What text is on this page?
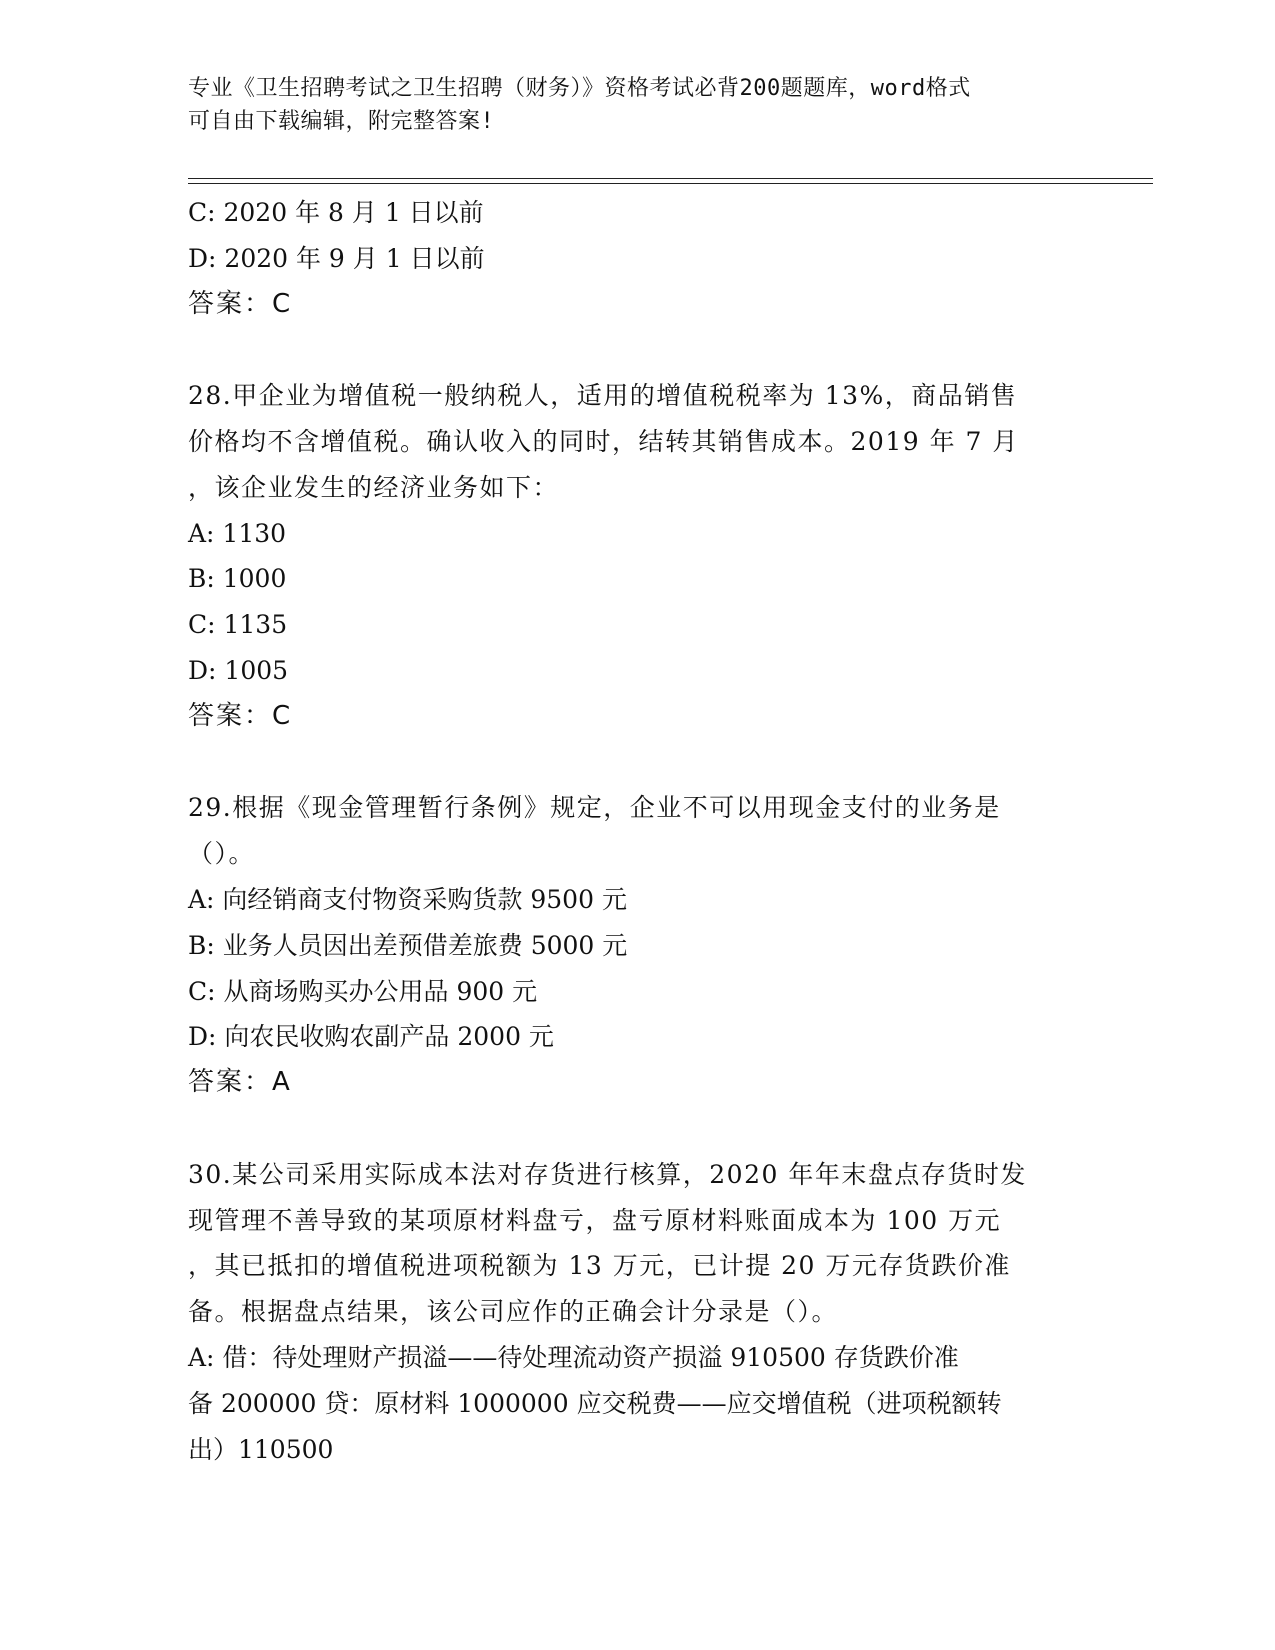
专业《卫生招聘考试之卫生招聘（财务）》资格考试必背200题题库，word格式
可自由下载编辑，附完整答案!
C: 2020 年 8 月 1 日以前
D: 2020 年 9 月 1 日以前
答案：C
28.甲企业为增值税一般纳税人，适用的增值税税率为 13%，商品销售
价格均不含增值税。确认收入的同时，结转其销售成本。2019 年 7 月
，该企业发生的经济业务如下：
A: 1130
B: 1000
C: 1135
D: 1005
答案：C
29.根据《现金管理暂行条例》规定，企业不可以用现金支付的业务是
（）。
A: 向经销商支付物资采购货款 9500 元
B: 业务人员因出差预借差旅费 5000 元
C: 从商场购买办公用品 900 元
D: 向农民收购农副产品 2000 元
答案：A
30.某公司采用实际成本法对存货进行核算，2020 年年末盘点存货时发
现管理不善导致的某项原材料盘亏，盘亏原材料账面成本为 100 万元
，其已抵扣的增值税进项税额为 13 万元，已计提 20 万元存货跌价准
备。根据盘点结果，该公司应作的正确会计分录是（）。
A: 借：待处理财产损溢——待处理流动资产损溢 910500 存货跌价准
备 200000 贷：原材料 1000000 应交税费——应交增值税（进项税额转
出）110500
